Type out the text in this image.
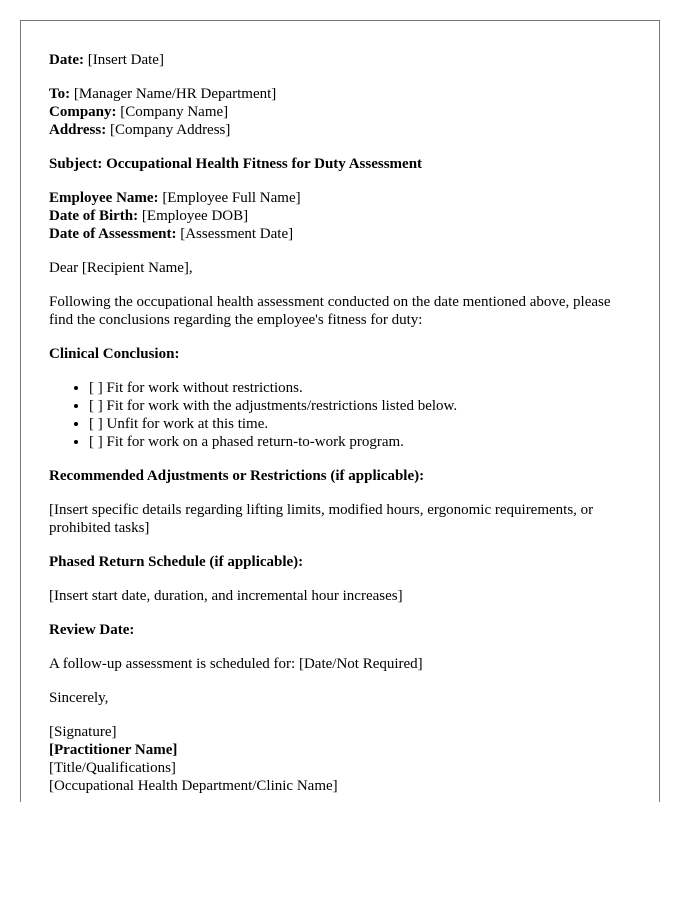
Date: [Insert Date]

To: [Manager Name/HR Department]

Company: [Company Name]

Address: [Company Address]

Subject: Occupational Health Fitness for Duty Assessment

Employee Name: [Employee Full Name]

Date of Birth: [Employee DOB]

Date of Assessment: [Assessment Date]

Dear [Recipient Name],

Following the occupational health assessment conducted on the date mentioned above, please find the conclusions regarding the employee's fitness for duty:

Clinical Conclusion:

• [ ] Fit for work without restrictions.
• [ ] Fit for work with the adjustments/restrictions listed below.
• [ ] Unfit for work at this time.
• [ ] Fit for work on a phased return-to-work program.

Recommended Adjustments or Restrictions (if applicable):

[Insert specific details regarding lifting limits, modified hours, ergonomic requirements, or prohibited tasks]

Phased Return Schedule (if applicable):

[Insert start date, duration, and incremental hour increases]

Review Date:

A follow-up assessment is scheduled for: [Date/Not Required]

Sincerely,

[Signature]

[Practitioner Name]

[Title/Qualifications]

[Occupational Health Department/Clinic Name]
